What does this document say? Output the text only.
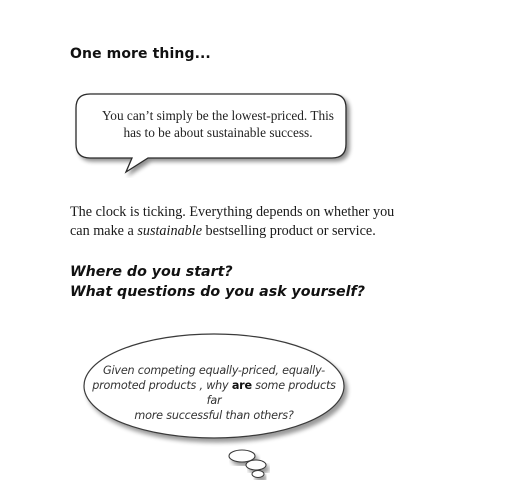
One more thing...
You can’t simply be the lowest-priced. This
has to be about sustainable success.

The clock is ticking. Everything depends on whether you
can make a sustainable bestselling product or service.

Where do you start?
What questions do you ask yourself?
Given competing equally-priced, equally-
promoted products , why are some products far
more successful than others?
